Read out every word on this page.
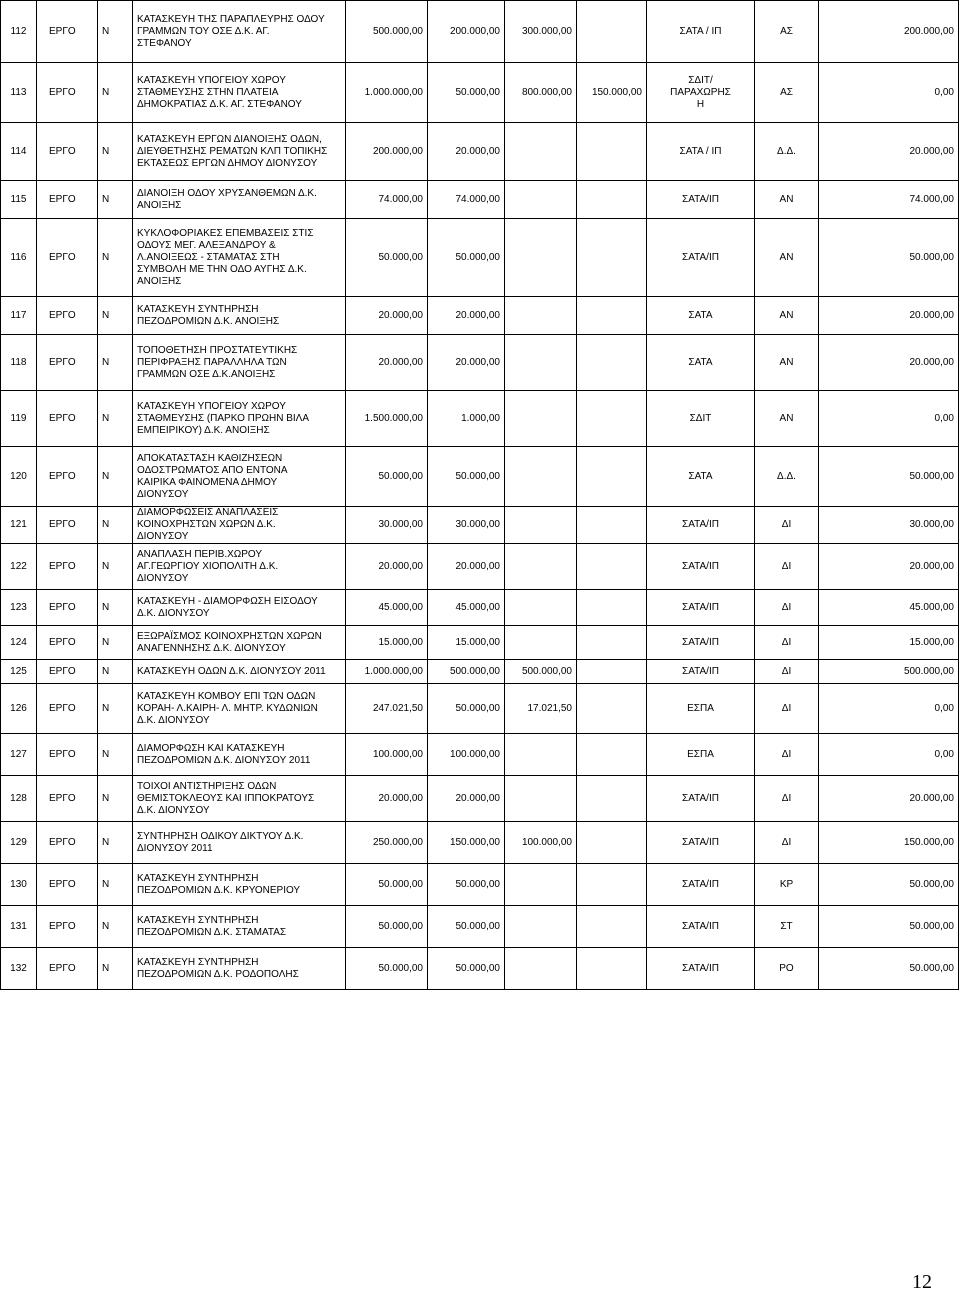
112	ΕΡΓΟ	Ν	ΚΑΤΑΣΚΕΥΗ ΤΗΣ ΠΑΡΑΠΛΕΥΡΗΣ ΟΔΟΥ
ΓΡΑΜΜΩΝ ΤΟΥ ΟΣΕ Δ.Κ. ΑΓ.
ΣΤΕΦΑΝΟΥ	500.000,00	200.000,00	300.000,00		ΣΑΤΑ / ΙΠ	ΑΣ	200.000,00
113	ΕΡΓΟ	Ν	ΚΑΤΑΣΚΕΥΗ ΥΠΟΓΕΙΟΥ ΧΩΡΟΥ
ΣΤΑΘΜΕΥΣΗΣ ΣΤΗΝ ΠΛΑΤΕΙΑ
ΔΗΜΟΚΡΑΤΙΑΣ Δ.Κ. ΑΓ. ΣΤΕΦΑΝΟΥ	1.000.000,00	50.000,00	800.000,00	150.000,00	ΣΔΙΤ/
ΠΑΡΑΧΩΡΗΣ
Η	ΑΣ	0,00
114	ΕΡΓΟ	Ν	ΚΑΤΑΣΚΕΥΗ ΕΡΓΩΝ ΔΙΑΝΟΙΞΗΣ ΟΔΩΝ,
ΔΙΕΥΘΕΤΗΣΗΣ ΡΕΜΑΤΩΝ ΚΛΠ ΤΟΠΙΚΗΣ
ΕΚΤΑΣΕΩΣ ΕΡΓΩΝ ΔΗΜΟΥ ΔΙΟΝΥΣΟΥ	200.000,00	20.000,00			ΣΑΤΑ / ΙΠ	Δ.Δ.	20.000,00
115	ΕΡΓΟ	Ν	ΔΙΑΝΟΙΞΗ ΟΔΟΥ ΧΡΥΣΑΝΘΕΜΩΝ Δ.Κ.
ΑΝΟΙΞΗΣ	74.000,00	74.000,00			ΣΑΤΑ/ΙΠ	ΑΝ	74.000,00
116	ΕΡΓΟ	Ν	ΚΥΚΛΟΦΟΡΙΑΚΕΣ ΕΠΕΜΒΑΣΕΙΣ ΣΤΙΣ
ΟΔΟΥΣ ΜΕΓ. ΑΛΕΞΑΝΔΡΟΥ &
Λ.ΑΝΟΙΞΕΩΣ - ΣΤΑΜΑΤΑΣ ΣΤΗ
ΣΥΜΒΟΛΗ ΜΕ ΤΗΝ ΟΔΟ ΑΥΓΗΣ Δ.Κ.
ΑΝΟΙΞΗΣ	50.000,00	50.000,00			ΣΑΤΑ/ΙΠ	ΑΝ	50.000,00
117	ΕΡΓΟ	Ν	ΚΑΤΑΣΚΕΥΗ ΣΥΝΤΗΡΗΣΗ
ΠΕΖΟΔΡΟΜΙΩΝ Δ.Κ. ΑΝΟΙΞΗΣ	20.000,00	20.000,00			ΣΑΤΑ	ΑΝ	20.000,00
118	ΕΡΓΟ	Ν	ΤΟΠΟΘΕΤΗΣΗ ΠΡΟΣΤΑΤΕΥΤΙΚΗΣ
ΠΕΡΙΦΡΑΞΗΣ ΠΑΡΑΛΛΗΛΑ ΤΩΝ
ΓΡΑΜΜΩΝ ΟΣΕ Δ.Κ.ΑΝΟΙΞΗΣ	20.000,00	20.000,00			ΣΑΤΑ	ΑΝ	20.000,00
119	ΕΡΓΟ	Ν	ΚΑΤΑΣΚΕΥΗ ΥΠΟΓΕΙΟΥ ΧΩΡΟΥ
ΣΤΑΘΜΕΥΣΗΣ (ΠΑΡΚΟ ΠΡΩΗΝ ΒΙΛΑ
ΕΜΠΕΙΡΙΚΟΥ) Δ.Κ. ΑΝΟΙΞΗΣ	1.500.000,00	1.000,00			ΣΔΙΤ	ΑΝ	0,00
120	ΕΡΓΟ	Ν	ΑΠΟΚΑΤΑΣΤΑΣΗ ΚΑΘΙΖΗΣΕΩΝ
ΟΔΟΣΤΡΩΜΑΤΟΣ ΑΠΟ ΕΝΤΟΝΑ
ΚΑΙΡΙΚΑ ΦΑΙΝΟΜΕΝΑ ΔΗΜΟΥ
ΔΙΟΝΥΣΟΥ	50.000,00	50.000,00			ΣΑΤΑ	Δ.Δ.	50.000,00
121	ΕΡΓΟ	Ν	ΔΙΑΜΟΡΦΩΣΕΙΣ ΑΝΑΠΛΑΣΕΙΣ
ΚΟΙΝΟΧΡΗΣΤΩΝ ΧΩΡΩΝ Δ.Κ.
ΔΙΟΝΥΣΟΥ	30.000,00	30.000,00			ΣΑΤΑ/ΙΠ	ΔΙ	30.000,00
122	ΕΡΓΟ	Ν	ΑΝΑΠΛΑΣΗ ΠΕΡΙΒ.ΧΩΡΟΥ
ΑΓ.ΓΕΩΡΓΙΟΥ ΧΙΟΠΟΛΙΤΗ Δ.Κ.
ΔΙΟΝΥΣΟΥ	20.000,00	20.000,00			ΣΑΤΑ/ΙΠ	ΔΙ	20.000,00
123	ΕΡΓΟ	Ν	ΚΑΤΑΣΚΕΥΗ - ΔΙΑΜΟΡΦΩΣΗ ΕΙΣΟΔΟΥ
Δ.Κ. ΔΙΟΝΥΣΟΥ	45.000,00	45.000,00			ΣΑΤΑ/ΙΠ	ΔΙ	45.000,00
124	ΕΡΓΟ	Ν	ΕΞΩΡΑΪΣΜΟΣ ΚΟΙΝΟΧΡΗΣΤΩΝ ΧΩΡΩΝ
ΑΝΑΓΕΝΝΗΣΗΣ Δ.Κ. ΔΙΟΝΥΣΟΥ	15.000,00	15.000,00			ΣΑΤΑ/ΙΠ	ΔΙ	15.000,00
125	ΕΡΓΟ	Ν	ΚΑΤΑΣΚΕΥΗ ΟΔΩΝ Δ.Κ. ΔΙΟΝΥΣΟΥ 2011	1.000.000,00	500.000,00	500.000,00		ΣΑΤΑ/ΙΠ	ΔΙ	500.000,00
126	ΕΡΓΟ	Ν	ΚΑΤΑΣΚΕΥΗ ΚΟΜΒΟΥ ΕΠΙ ΤΩΝ ΟΔΩΝ
ΚΟΡΑΗ- Λ.ΚΑΙΡΗ- Λ. ΜΗΤΡ. ΚΥΔΩΝΙΩΝ
Δ.Κ. ΔΙΟΝΥΣΟΥ	247.021,50	50.000,00	17.021,50		ΕΣΠΑ	ΔΙ	0,00
127	ΕΡΓΟ	Ν	ΔΙΑΜΟΡΦΩΣΗ ΚΑΙ ΚΑΤΑΣΚΕΥΗ
ΠΕΖΟΔΡΟΜΙΩΝ Δ.Κ. ΔΙΟΝΥΣΟΥ 2011	100.000,00	100.000,00			ΕΣΠΑ	ΔΙ	0,00
128	ΕΡΓΟ	Ν	ΤΟΙΧΟΙ ΑΝΤΙΣΤΗΡΙΞΗΣ ΟΔΩΝ
ΘΕΜΙΣΤΟΚΛΕΟΥΣ ΚΑΙ ΙΠΠΟΚΡΑΤΟΥΣ
Δ.Κ. ΔΙΟΝΥΣΟΥ	20.000,00	20.000,00			ΣΑΤΑ/ΙΠ	ΔΙ	20.000,00
129	ΕΡΓΟ	Ν	ΣΥΝΤΗΡΗΣΗ ΟΔΙΚΟΥ ΔΙΚΤΥΟΥ Δ.Κ.
ΔΙΟΝΥΣΟΥ 2011	250.000,00	150.000,00	100.000,00		ΣΑΤΑ/ΙΠ	ΔΙ	150.000,00
130	ΕΡΓΟ	Ν	ΚΑΤΑΣΚΕΥΗ ΣΥΝΤΗΡΗΣΗ
ΠΕΖΟΔΡΟΜΙΩΝ Δ.Κ. ΚΡΥΟΝΕΡΙΟΥ	50.000,00	50.000,00			ΣΑΤΑ/ΙΠ	ΚΡ	50.000,00
131	ΕΡΓΟ	Ν	ΚΑΤΑΣΚΕΥΗ ΣΥΝΤΗΡΗΣΗ
ΠΕΖΟΔΡΟΜΙΩΝ Δ.Κ. ΣΤΑΜΑΤΑΣ	50.000,00	50.000,00			ΣΑΤΑ/ΙΠ	ΣΤ	50.000,00
132	ΕΡΓΟ	Ν	ΚΑΤΑΣΚΕΥΗ ΣΥΝΤΗΡΗΣΗ
ΠΕΖΟΔΡΟΜΙΩΝ Δ.Κ. ΡΟΔΟΠΟΛΗΣ	50.000,00	50.000,00			ΣΑΤΑ/ΙΠ	ΡΟ	50.000,00
12
